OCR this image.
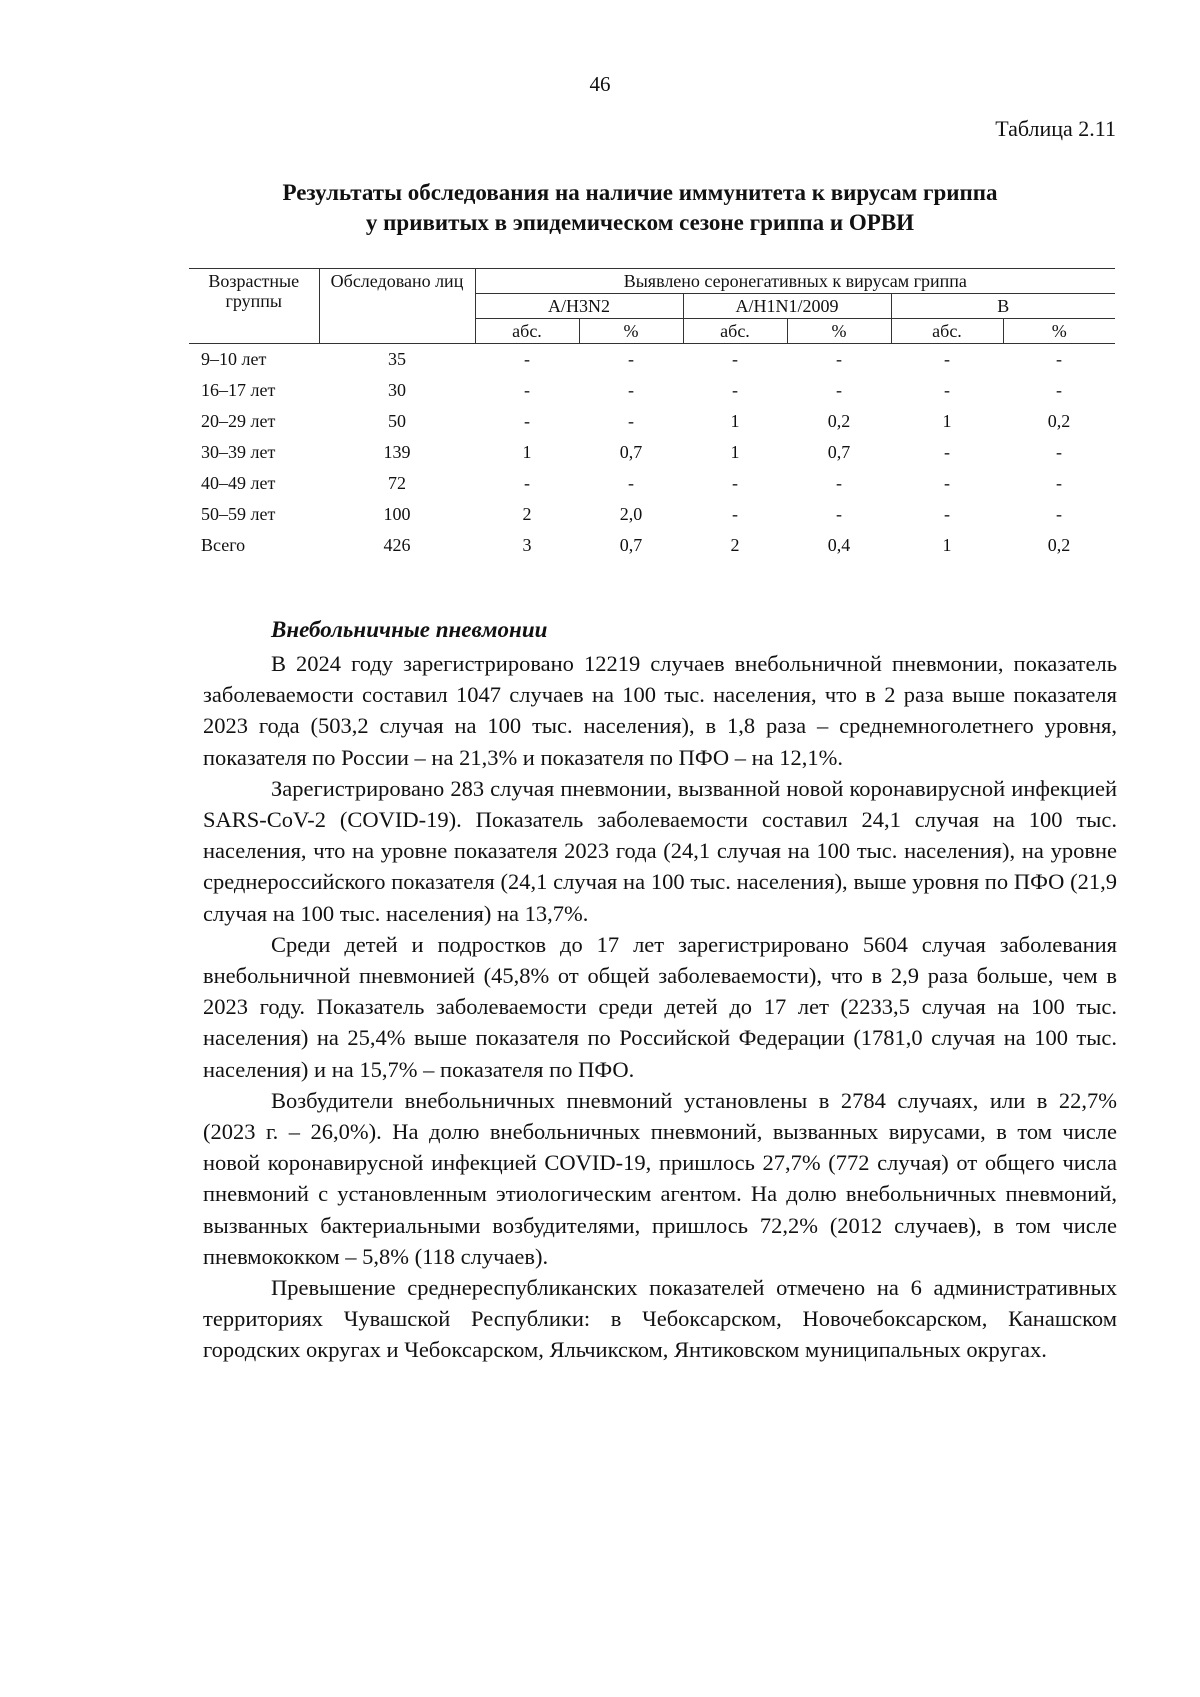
46
Таблица 2.11
Результаты обследования на наличие иммунитета к вирусам гриппа
у привитых в эпидемическом сезоне гриппа и ОРВИ
Возрастные группы	Обследовано лиц	Выявлено серонегативных к вирусам гриппа					
		A/H3N2		A/H1N1/2009		B	
		абс.	%	абс.	%	абс.	%
9–10 лет	35	-	-	-	-	-	-
16–17 лет	30	-	-	-	-	-	-
20–29 лет	50	-	-	1	0,2	1	0,2
30–39 лет	139	1	0,7	1	0,7	-	-
40–49 лет	72	-	-	-	-	-	-
50–59 лет	100	2	2,0	-	-	-	-
Всего	426	3	0,7	2	0,4	1	0,2
Внебольничные пневмонии

В 2024 году зарегистрировано 12219 случаев внебольничной пневмонии, показатель заболеваемости составил 1047 случаев на 100 тыс. населения, что в 2 раза выше показателя 2023 года (503,2 случая на 100 тыс. населения), в 1,8 раза – среднемноголетнего уровня, показателя по России – на 21,3% и показателя по ПФО – на 12,1%.

Зарегистрировано 283 случая пневмонии, вызванной новой коронавирусной инфекцией SARS-CoV-2 (COVID-19). Показатель заболеваемости составил 24,1 случая на 100 тыс. населения, что на уровне показателя 2023 года (24,1 случая на 100 тыс. населения), на уровне среднероссийского показателя (24,1 случая на 100 тыс. населения), выше уровня по ПФО (21,9 случая на 100 тыс. населения) на 13,7%.

Среди детей и подростков до 17 лет зарегистрировано 5604 случая заболевания внебольничной пневмонией (45,8% от общей заболеваемости), что в 2,9 раза больше, чем в 2023 году. Показатель заболеваемости среди детей до 17 лет (2233,5 случая на 100 тыс. населения) на 25,4% выше показателя по Российской Федерации (1781,0 случая на 100 тыс. населения) и на 15,7% – показателя по ПФО.

Возбудители внебольничных пневмоний установлены в 2784 случаях, или в 22,7% (2023 г. – 26,0%). На долю внебольничных пневмоний, вызванных вирусами, в том числе новой коронавирусной инфекцией COVID-19, пришлось 27,7% (772 случая) от общего числа пневмоний с установленным этиологическим агентом. На долю внебольничных пневмоний, вызванных бактериальными возбудителями, пришлось 72,2% (2012 случаев), в том числе пневмококком – 5,8% (118 случаев).

Превышение среднереспубликанских показателей отмечено на 6 административных территориях Чувашской Республики: в Чебоксарском, Новочебоксарском, Канашском городских округах и Чебоксарском, Яльчикском, Янтиковском муниципальных округах.
